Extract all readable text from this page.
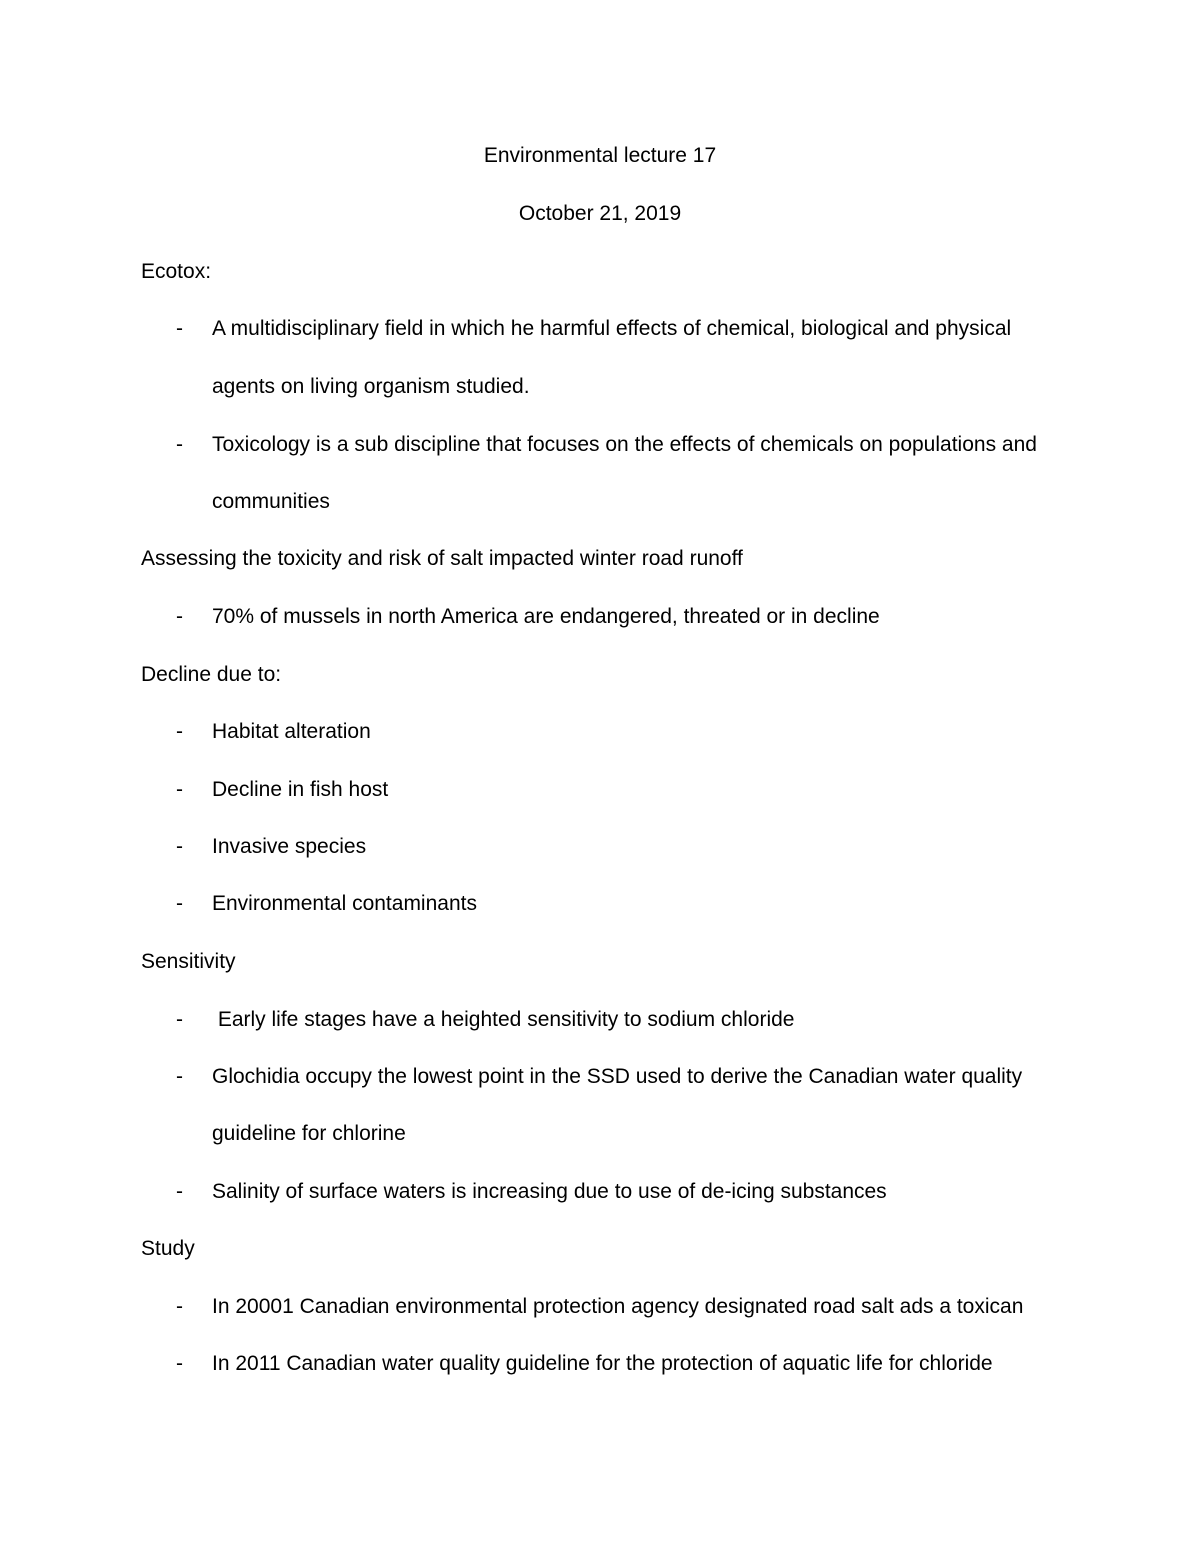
Environmental lecture 17
October 21, 2019
Ecotox:
- A multidisciplinary field in which he harmful effects of chemical, biological and physical
agents on living organism studied.
- Toxicology is a sub discipline that focuses on the effects of chemicals on populations and
communities
Assessing the toxicity and risk of salt impacted winter road runoff
- 70% of mussels in north America are endangered, threated or in decline
Decline due to:
- Habitat alteration
- Decline in fish host
- Invasive species
- Environmental contaminants
Sensitivity
- Early life stages have a heighted sensitivity to sodium chloride
- Glochidia occupy the lowest point in the SSD used to derive the Canadian water quality
guideline for chlorine
- Salinity of surface waters is increasing due to use of de-icing substances
Study
- In 20001 Canadian environmental protection agency designated road salt ads a toxican
- In 2011 Canadian water quality guideline for the protection of aquatic life for chloride
